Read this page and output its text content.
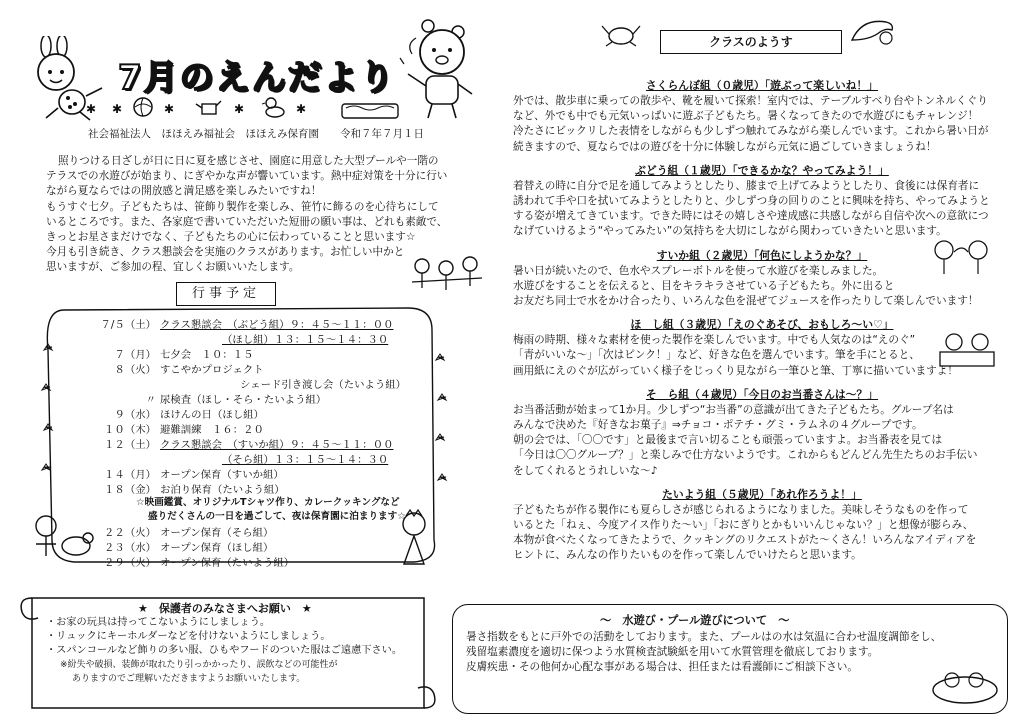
7月のえんだより
✱ ✱	✱	✱	✱
社会福祉法人　ほほえみ福祉会　ほほえみ保育園　　令和７年７月１日
照りつける日ざしが日に日に夏を感じさせ、園庭に用意した大型プールや一階の
テラスでの水遊びが始まり、にぎやかな声が響いています。熱中症対策を十分に行い
ながら夏ならではの開放感と満足感を楽しみたいですね！
もうすぐ七夕。子どもたちは、笹飾り製作を楽しみ、笹竹に飾るのを心待ちにして
いるところです。また、各家庭で書いていただいた短冊の願い事は、どれも素敵で、
きっとお星さまだけでなく、子どもたちの心に伝わっていることと思います☆
今月も引き続き、クラス懇談会を実施のクラスがあります。お忙しい中かと
思いますが、ご参加の程、宜しくお願いいたします。
行事予定
７/５（土）	クラス懇談会　（ぶどう組）９：４５～１１：００
	（ほし組）１３：１５～１４：３０
７（月）	七夕会　１０：１５
８（火）	すこやかプロジェクト
	シェード引き渡し会（たいよう組）
〃	尿検査（ほし・そら・たいよう組）
９（水）	ほけんの日（ほし組）
１０（木）	避難訓練　１６：２０
１２（土）	クラス懇談会　（すいか組）９：４５～１１：００
	（そら組）１３：１５～１４：３０
１４（月）	オープン保育（すいか組）
１８（金）	お泊り保育（たいよう組）
☆映画鑑賞、オリジナルTシャツ作り、カレークッキングなど
盛りだくさんの一日を過ごして、夜は保育園に泊まります☆
２２（火）	オープン保育（そら組）
２３（水）	オープン保育（ほし組）
２９（火）	オープン保育（たいよう組）
★　保護者のみなさまへお願い　★
・お家の玩具は持ってこないようにしましょう。
・リュックにキーホルダーなどを付けないようにしましょう。
・スパンコールなど飾りの多い服、ひもやフードのついた服はご遠慮下さい。
※紛失や破損、装飾が取れたり引っかかったり、誤飲などの可能性が
ありますのでご理解いただきますようお願いいたします。
クラスのようす
さくらんぼ組（０歳児）「遊ぶって楽しいね！」
外では、散歩車に乗っての散歩や、靴を履いて探索！室内では、テーブルすべり台やトンネルくぐり
など、外でも中でも元気いっぱいに遊ぶ子どもたち。暑くなってきたので水遊びにもチャレンジ！
冷たさにビックリした表情をしながらも少しずつ触れてみながら楽しんでいます。これから暑い日が
続きますので、夏ならではの遊びを十分に体験しながら元気に過ごしていきましょうね！
ぶどう組（１歳児）「できるかな？やってみよう！」
着替えの時に自分で足を通してみようとしたり、膝まで上げてみようとしたり、食後には保育者に
誘われて手や口を拭いてみようとしたりと、少しずつ身の回りのことに興味を持ち、やってみようと
する姿が増えてきています。できた時にはその嬉しさや達成感に共感しながら自信や次への意欲につ
なげていけるよう“やってみたい”の気持ちを大切にしながら関わっていきたいと思います。
すいか組（２歳児）「何色にしようかな？」
暑い日が続いたので、色水やスプレーボトルを使って水遊びを楽しみました。
水遊びをすることを伝えると、目をキラキラさせている子どもたち。外に出ると
お友だち同士で水をかけ合ったり、いろんな色を混ぜてジュースを作ったりして楽しんでいます！
ほ　し組（３歳児）「えのぐあそび、おもしろ～い♡」
梅雨の時期、様々な素材を使った製作を楽しんでいます。中でも人気なのは“えのぐ”
「青がいいな～」「次はピンク！」など、好きな色を選んでいます。筆を手にとると、
画用紙にえのぐが広がっていく様子をじっくり見ながら一筆ひと筆、丁寧に描いていますよ！
そ　ら組（４歳児）「今日のお当番さんは～？」
お当番活動が始まって1か月。少しずつ“お当番”の意識が出てきた子どもたち。グループ名は
みんなで決めた『好きなお菓子』⇒チョコ・ポテチ・グミ・ラムネの４グループです。
朝の会では、「〇〇です」と最後まで言い切ることも頑張っていますよ。お当番表を見ては
「今日は〇〇グループ？」と楽しみで仕方ないようです。これからもどんどん先生たちのお手伝い
をしてくれるとうれしいな～♪
たいよう組（５歳児）「あれ作ろうよ！」
子どもたちが作る製作にも夏らしさが感じられるようになりました。美味しそうなものを作って
いるとた「ねぇ、今度アイス作りた～い」「おにぎりとかもいいんじゃない？」と想像が膨らみ、
本物が食べたくなってきたようで、クッキングのリクエストがた～くさん！いろんなアイディアを
ヒントに、みんなの作りたいものを作って楽しんでいけたらと思います。
～　水遊び・プール遊びについて　～
暑さ指数をもとに戸外での活動をしております。また、プールはの水は気温に合わせ温度調節をし、
残留塩素濃度を適切に保つよう水質検査試験紙を用いて水質管理を徹底しております。
皮膚疾患・その他何か心配な事がある場合は、担任または看護師にご相談下さい。
